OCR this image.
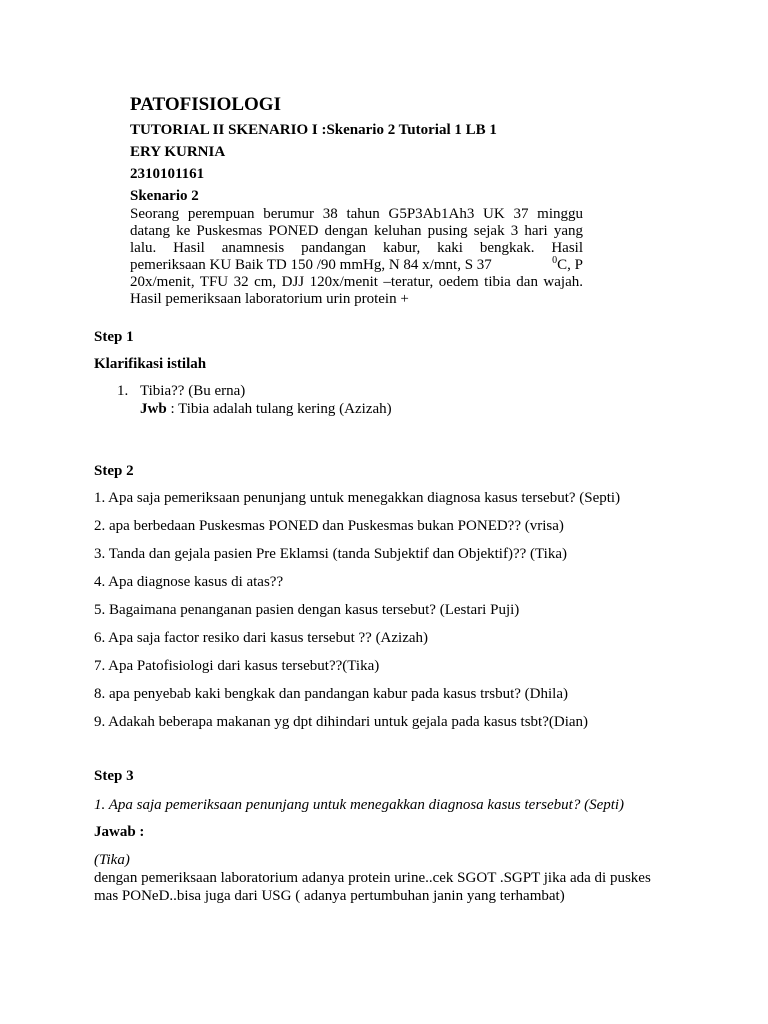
PATOFISIOLOGI
TUTORIAL II SKENARIO I :Skenario 2 Tutorial 1 LB 1
ERY KURNIA
2310101161
Skenario 2
Seorang perempuan berumur 38 tahun G5P3Ab1Ah3 UK 37 minggu
datang ke Puskesmas PONED dengan keluhan pusing sejak 3 hari yang
lalu. Hasil anamnesis pandangan kabur, kaki bengkak. Hasil
pemeriksaan KU Baik TD 150 /90 mmHg, N 84 x/mnt, S 37	$^0$C, P
20x/menit, TFU 32 cm, DJJ 120x/menit –teratur, oedem tibia dan wajah.
Hasil pemeriksaan laboratorium urin protein +
Step 1
Klarifikasi istilah
1. Tibia?? (Bu erna)
Jwb : Tibia adalah tulang kering (Azizah)
Step 2
1. Apa saja pemeriksaan penunjang untuk menegakkan diagnosa kasus tersebut? (Septi)
2. apa berbedaan Puskesmas PONED dan Puskesmas bukan PONED?? (vrisa)
3. Tanda dan gejala pasien Pre Eklamsi (tanda Subjektif dan Objektif)?? (Tika)
4. Apa diagnose kasus di atas??
5. Bagaimana penanganan pasien dengan kasus tersebut? (Lestari Puji)
6. Apa saja factor resiko dari kasus tersebut ?? (Azizah)
7. Apa Patofisiologi dari kasus tersebut??(Tika)
8. apa penyebab kaki bengkak dan pandangan kabur pada kasus trsbut? (Dhila)
9. Adakah beberapa makanan yg dpt dihindari untuk gejala pada kasus tsbt?(Dian)
Step 3
1. Apa saja pemeriksaan penunjang untuk menegakkan diagnosa kasus tersebut? (Septi)
Jawab :
(Tika)
dengan pemeriksaan laboratorium adanya protein urine..cek SGOT .SGPT jika ada di puskes
mas PONeD..bisa juga dari USG ( adanya pertumbuhan janin yang terhambat)
